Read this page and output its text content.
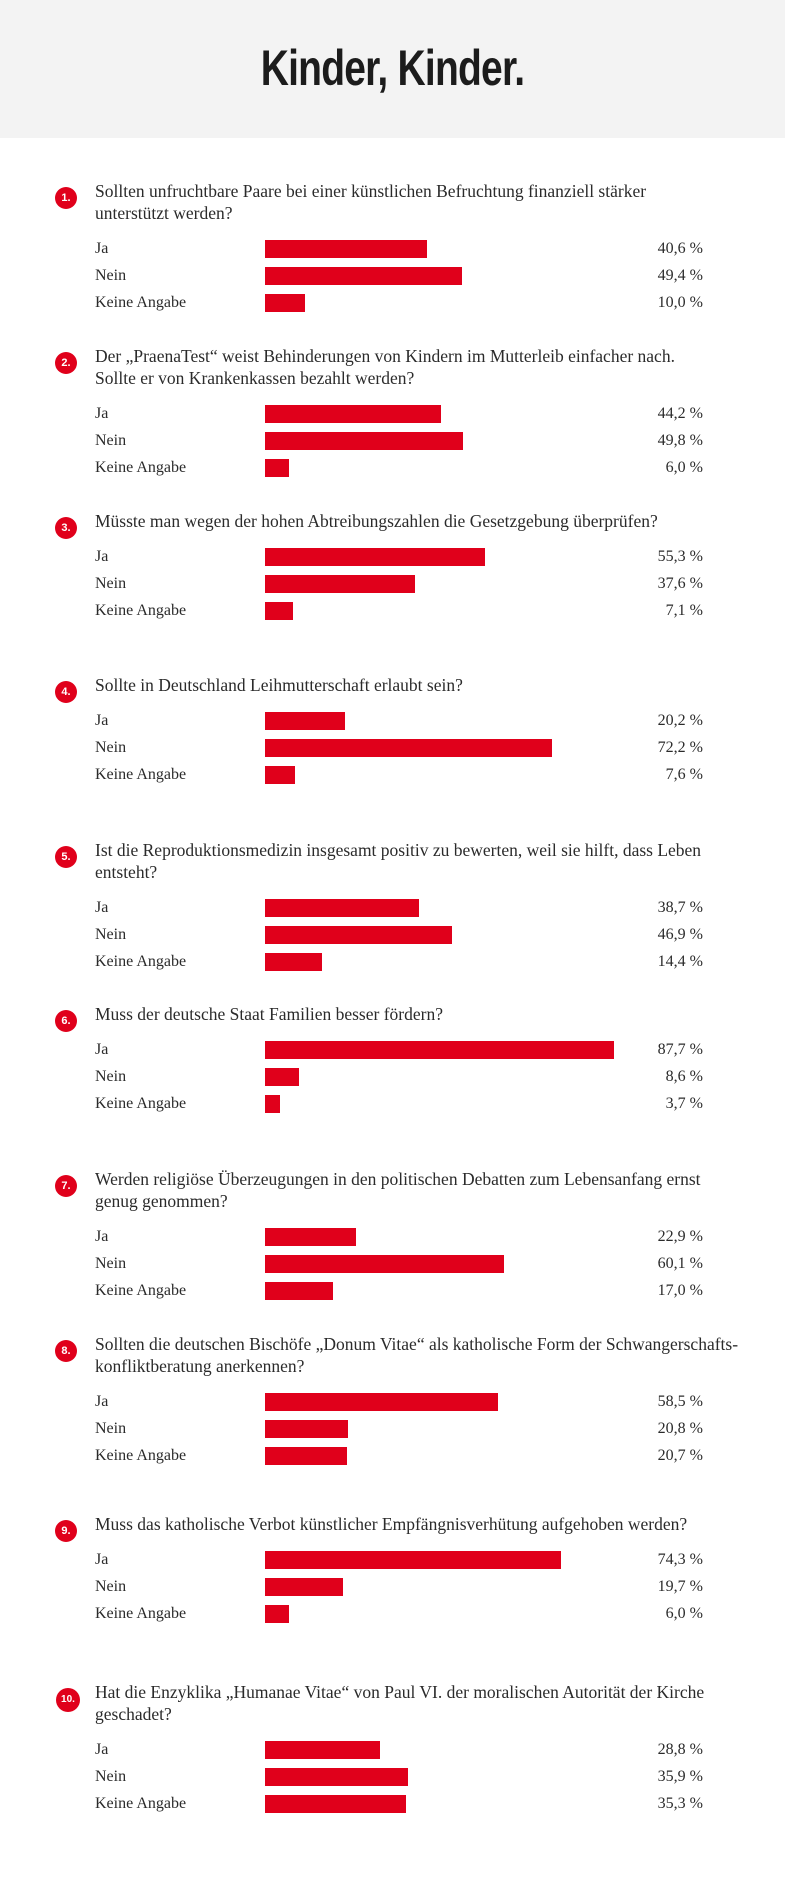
Kinder, Kinder.
1.	Sollten unfruchtbare Paare bei einer künstlichen Befruchtung finanziell stärker
unterstützt werden?
Ja	40,6 %
Nein	49,4 %
Keine Angabe	10,0 %
2.	Der „PraenaTest“ weist Behinderungen von Kindern im Mutterleib einfacher nach.
Sollte er von Krankenkassen bezahlt werden?
Ja	44,2 %
Nein	49,8 %
Keine Angabe	6,0 %
3.	Müsste man wegen der hohen Abtreibungszahlen die Gesetzgebung überprüfen?
Ja	55,3 %
Nein	37,6 %
Keine Angabe	7,1 %
4.	Sollte in Deutschland Leihmutterschaft erlaubt sein?
Ja	20,2 %
Nein	72,2 %
Keine Angabe	7,6 %
5.	Ist die Reproduktionsmedizin insgesamt positiv zu bewerten, weil sie hilft, dass Leben
entsteht?
Ja	38,7 %
Nein	46,9 %
Keine Angabe	14,4 %
6.	Muss der deutsche Staat Familien besser fördern?
Ja	87,7 %
Nein	8,6 %
Keine Angabe	3,7 %
7.	Werden religiöse Überzeugungen in den politischen Debatten zum Lebensanfang ernst
genug genommen?
Ja	22,9 %
Nein	60,1 %
Keine Angabe	17,0 %
8.	Sollten die deutschen Bischöfe „Donum Vitae“ als katholische Form der Schwangerschafts-
konfliktberatung anerkennen?
Ja	58,5 %
Nein	20,8 %
Keine Angabe	20,7 %
9.	Muss das katholische Verbot künstlicher Empfängnisverhütung aufgehoben werden?
Ja	74,3 %
Nein	19,7 %
Keine Angabe	6,0 %
10. Hat die Enzyklika „Humanae Vitae“ von Paul VI. der moralischen Autorität der Kirche
geschadet?
Ja	28,8 %
Nein	35,9 %
Keine Angabe	35,3 %
